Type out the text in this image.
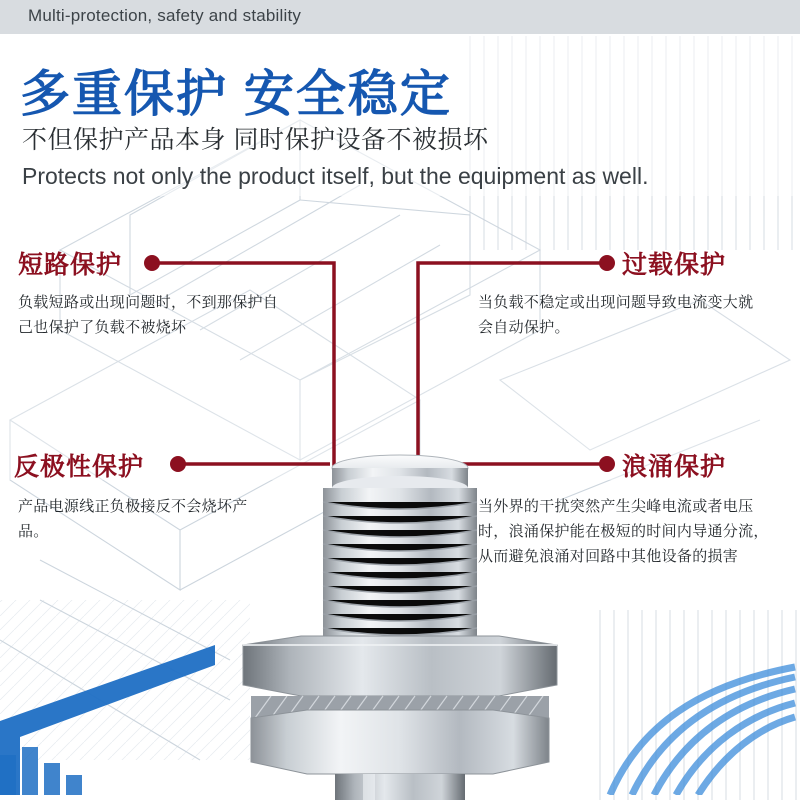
Multi-protection, safety and stability
多重保护 安全稳定
不但保护产品本身 同时保护设备不被损坏
Protects not only the product itself, but the equipment as well.
短路保护
负载短路或出现问题时，不到那保护自己也保护了负载不被烧坏
过载保护
当负载不稳定或出现问题导致电流变大就会自动保护。
反极性保护
产品电源线正负极接反不会烧坏产品。
浪涌保护
当外界的干扰突然产生尖峰电流或者电压时，浪涌保护能在极短的时间内导通分流，从而避免浪涌对回路中其他设备的损害
